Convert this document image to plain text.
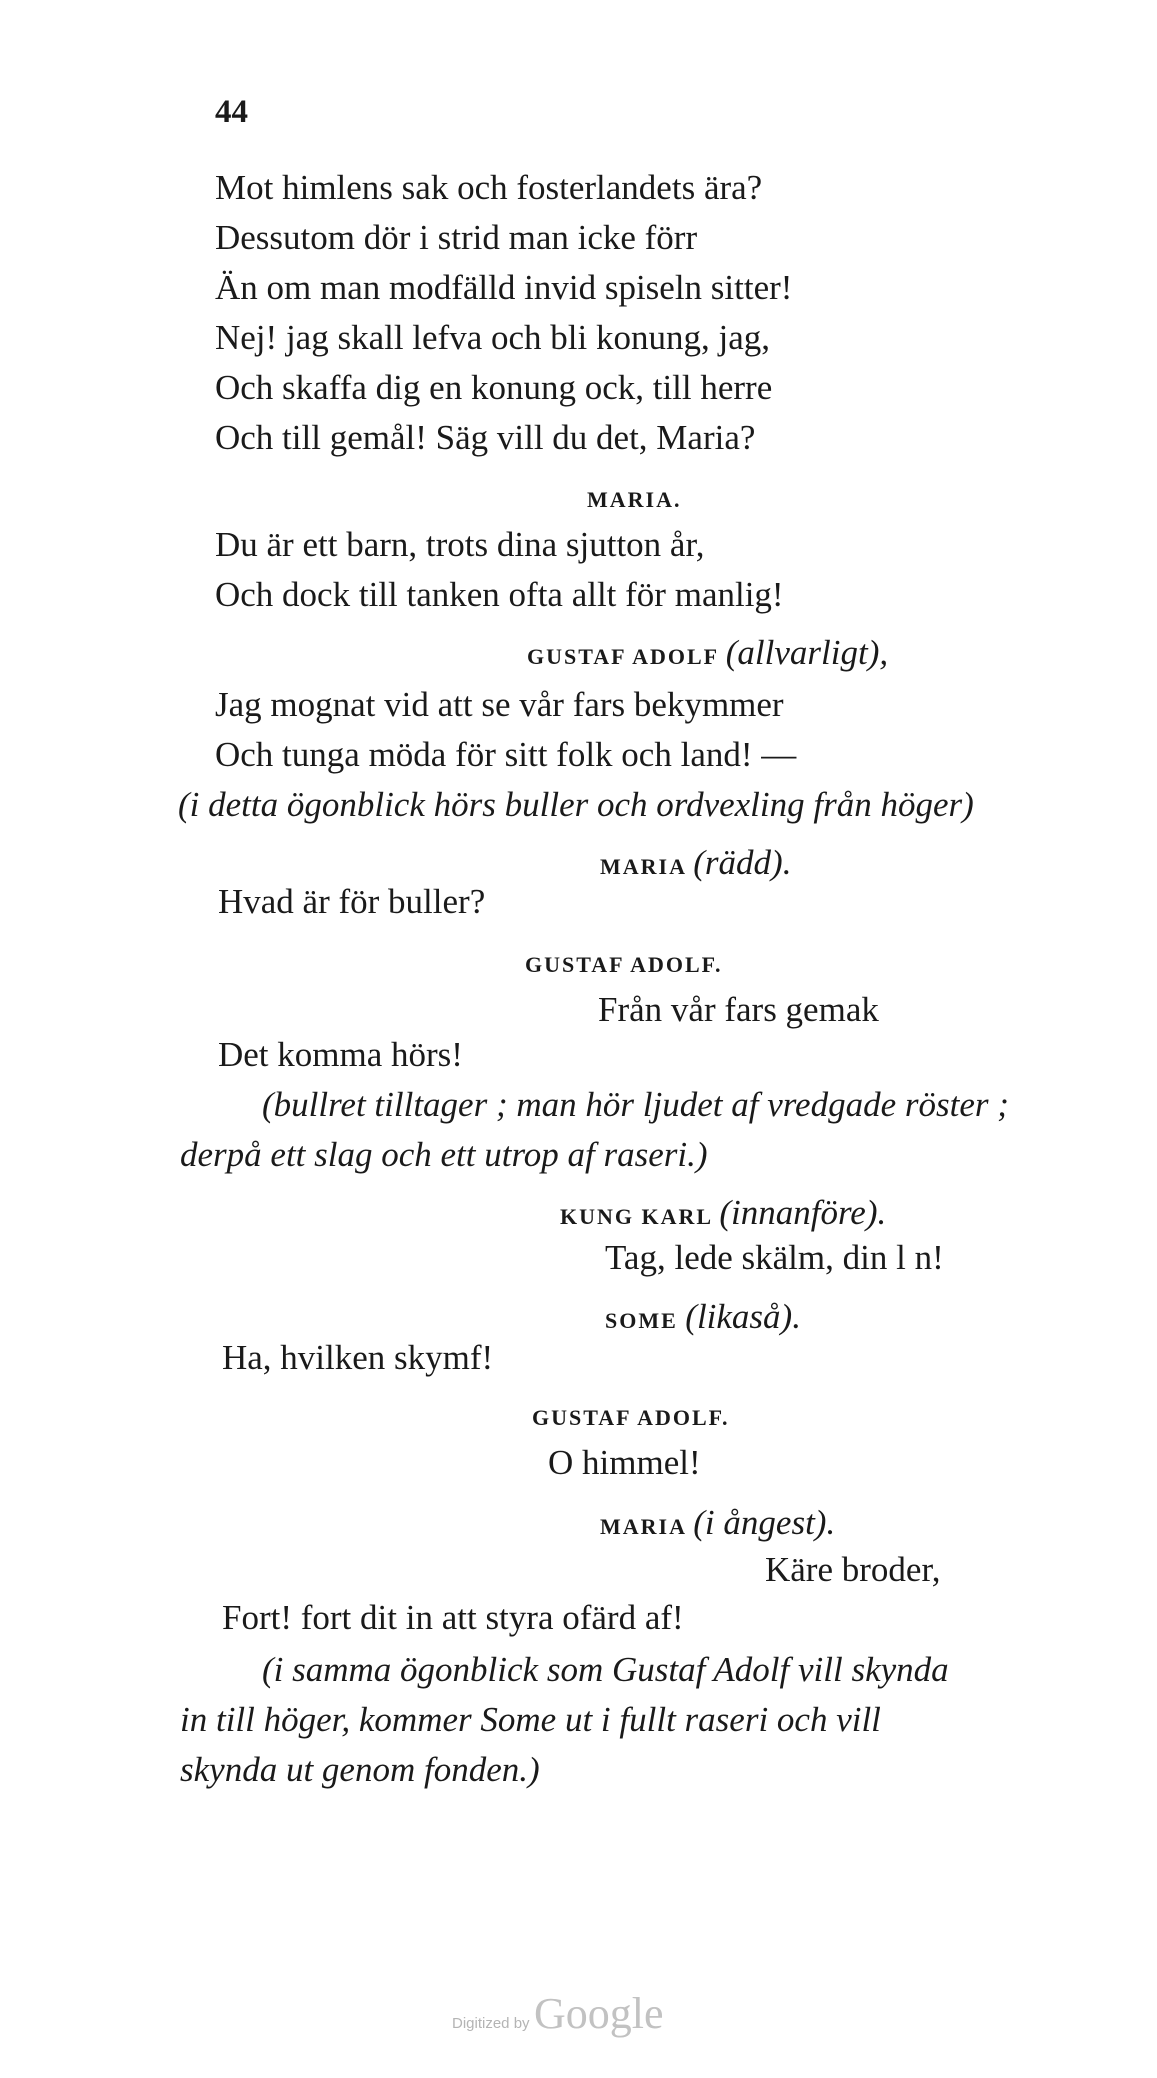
44
Mot himlens sak och fosterlandets ära?
Dessutom dör i strid man icke förr
Än om man modfälld invid spiseln sitter!
Nej! jag skall lefva och bli konung, jag,
Och skaffa dig en konung ock, till herre
Och till gemål! Säg vill du det, Maria?
MARIA.
Du är ett barn, trots dina sjutton år,
Och dock till tanken ofta allt för manlig!
GUSTAF ADOLF (allvarligt),
Jag mognat vid att se vår fars bekymmer
Och tunga möda för sitt folk och land! —
(i detta ögonblick hörs buller och ordvexling från höger)
MARIA (rädd).
Hvad är för buller?
GUSTAF ADOLF.
Från vår fars gemak
Det komma hörs!
(bullret tilltager ; man hör ljudet af vredgade röster ;
derpå ett slag och ett utrop af raseri.)
KUNG KARL (innanföre).
Tag, lede skälm, din l n!
SOME (likaså).
Ha, hvilken skymf!
GUSTAF ADOLF.
O himmel!
MARIA (i ångest).
Käre broder,
Fort! fort dit in att styra ofärd af!
(i samma ögonblick som Gustaf Adolf vill skynda
in till höger, kommer Some ut i fullt raseri och vill
skynda ut genom fonden.)
Digitized by Google
